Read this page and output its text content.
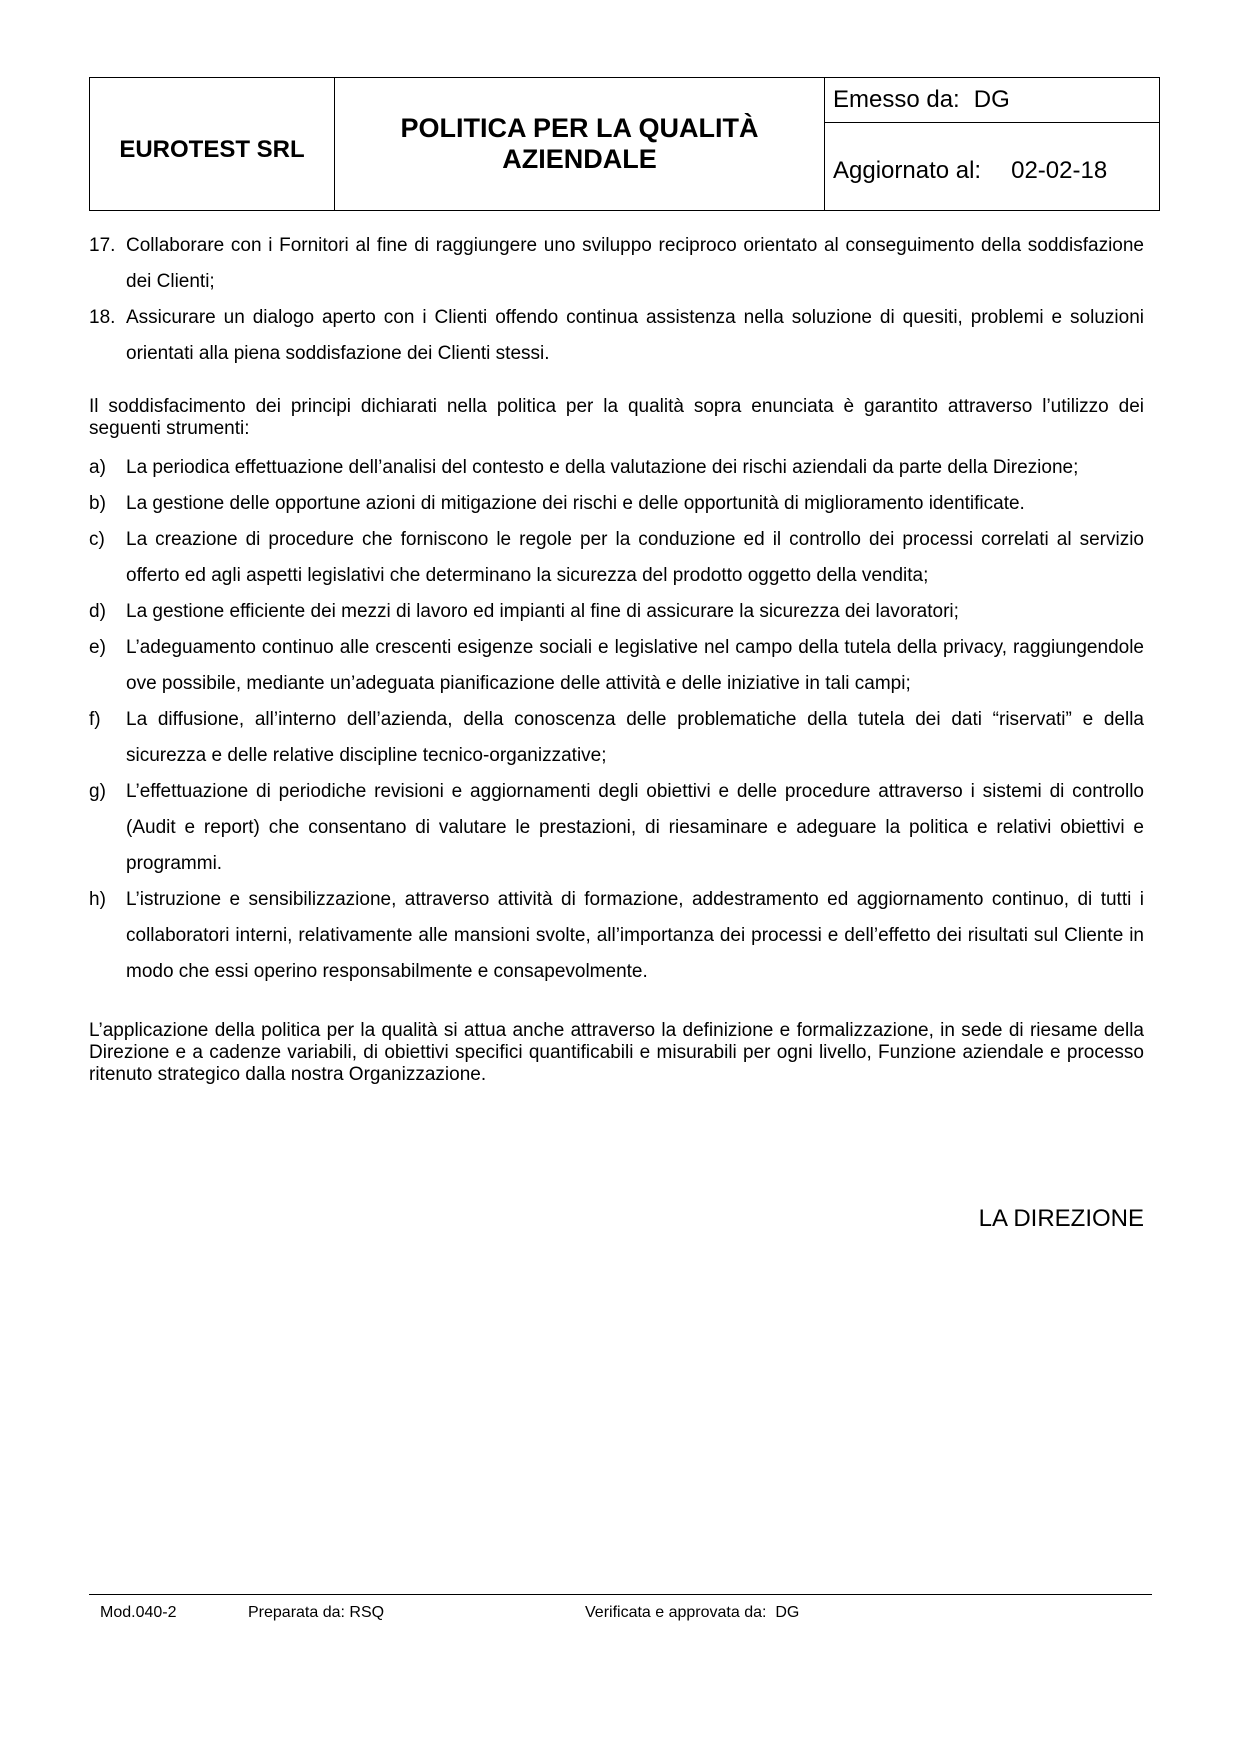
EUROTEST SRL
POLITICA PER LA QUALITÀ
AZIENDALE
Emesso da: DG
Aggiornato al: 02-02-18
17. Collaborare con i Fornitori al fine di raggiungere uno sviluppo reciproco orientato al conseguimento della soddisfazione dei Clienti;
18. Assicurare un dialogo aperto con i Clienti offendo continua assistenza nella soluzione di quesiti, problemi e soluzioni orientati alla piena soddisfazione dei Clienti stessi.

Il soddisfacimento dei principi dichiarati nella politica per la qualità sopra enunciata è garantito attraverso l’utilizzo dei seguenti strumenti:

a)	La periodica effettuazione dell’analisi del contesto e della valutazione dei rischi aziendali da parte della Direzione;
b)	La gestione delle opportune azioni di mitigazione dei rischi e delle opportunità di miglioramento identificate.
c)	La creazione di procedure che forniscono le regole per la conduzione ed il controllo dei processi correlati al servizio offerto ed agli aspetti legislativi che determinano la sicurezza del prodotto oggetto della vendita;
d)	La gestione efficiente dei mezzi di lavoro ed impianti al fine di assicurare la sicurezza dei lavoratori;
e)	L’adeguamento continuo alle crescenti esigenze sociali e legislative nel campo della tutela della privacy, raggiungendole ove possibile, mediante un’adeguata pianificazione delle attività e delle iniziative in tali campi;
f)	La diffusione, all’interno dell’azienda, della conoscenza delle problematiche della tutela dei dati “riservati” e della sicurezza e delle relative discipline tecnico-organizzative;
g)	L’effettuazione di periodiche revisioni e aggiornamenti degli obiettivi e delle procedure attraverso i sistemi di controllo (Audit e report) che consentano di valutare le prestazioni, di riesaminare e adeguare la politica e relativi obiettivi e programmi.
h)	L’istruzione e sensibilizzazione, attraverso attività di formazione, addestramento ed aggiornamento continuo, di tutti i collaboratori interni, relativamente alle mansioni svolte, all’importanza dei processi e dell’effetto dei risultati sul Cliente in modo che essi operino responsabilmente e consapevolmente.

L’applicazione della politica per la qualità si attua anche attraverso la definizione e formalizzazione, in sede di riesame della Direzione e a cadenze variabili, di obiettivi specifici quantificabili e misurabili per ogni livello, Funzione aziendale e processo ritenuto strategico dalla nostra Organizzazione.

LA DIREZIONE
Mod.040-2	Preparata da: RSQ	Verificata e approvata da:  DG
